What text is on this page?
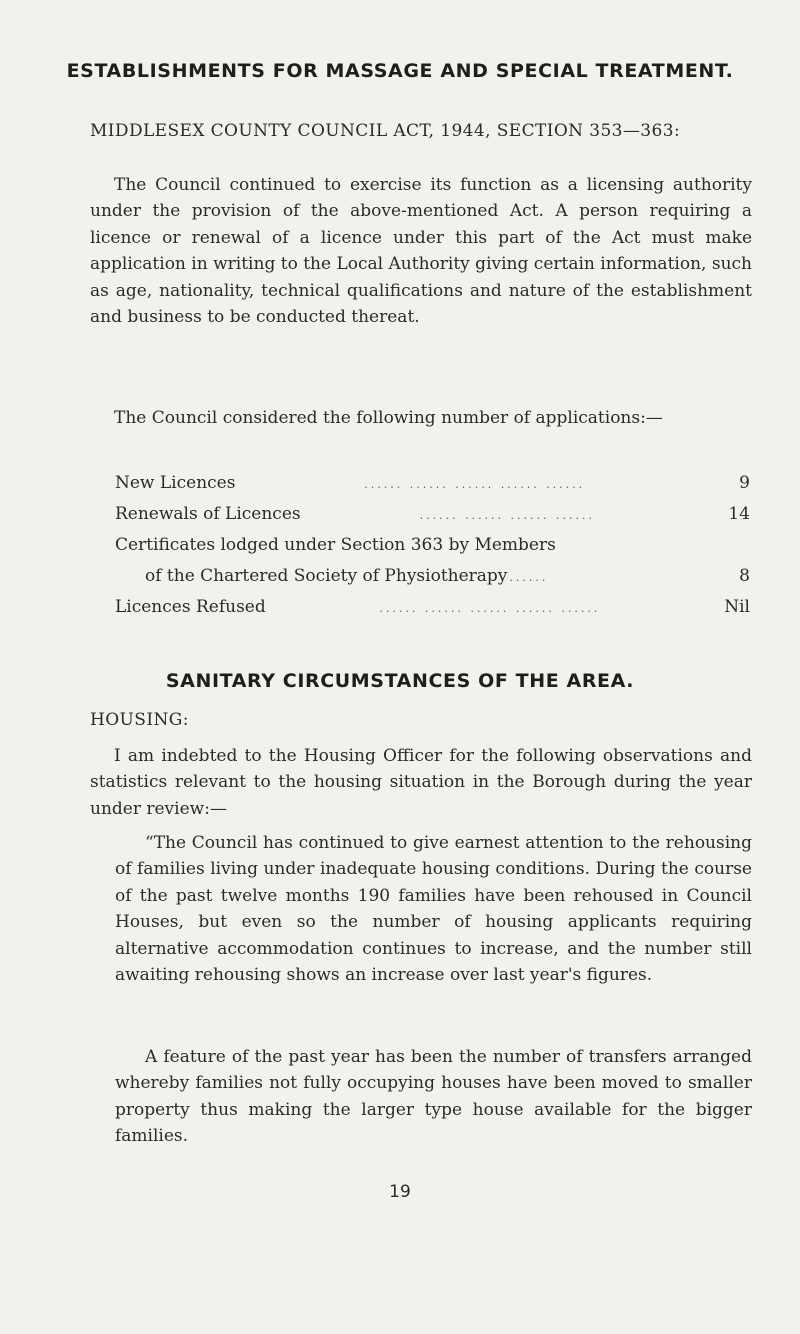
ESTABLISHMENTS FOR MASSAGE AND SPECIAL TREATMENT.
MIDDLESEX COUNTY COUNCIL ACT, 1944, SECTION 353—363:

The Council continued to exercise its function as a licensing authority under the provision of the above-mentioned Act. A person requiring a licence or renewal of a licence under this part of the Act must make application in writing to the Local Authority giving certain information, such as age, nationality, technical qualifications and nature of the establishment and business to be conducted thereat.

The Council considered the following number of applications:—

New Licences	...... ...... ...... ...... ......	9
Renewals of Licences	...... ...... ...... ......	14
Certificates lodged under Section 363 by Members
of the Chartered Society of Physiotherapy ......	8
Licences Refused	...... ...... ...... ...... ......	Nil
SANITARY CIRCUMSTANCES OF THE AREA.
HOUSING:

I am indebted to the Housing Officer for the following observations and statistics relevant to the housing situation in the Borough during the year under review:—

“The Council has continued to give earnest attention to the rehousing of families living under inadequate housing conditions. During the course of the past twelve months 190 families have been rehoused in Council Houses, but even so the number of housing applicants requiring alternative accommodation continues to increase, and the number still awaiting rehousing shows an increase over last year's figures.

A feature of the past year has been the number of transfers arranged whereby families not fully occupying houses have been moved to smaller property thus making the larger type house available for the bigger families.

19
